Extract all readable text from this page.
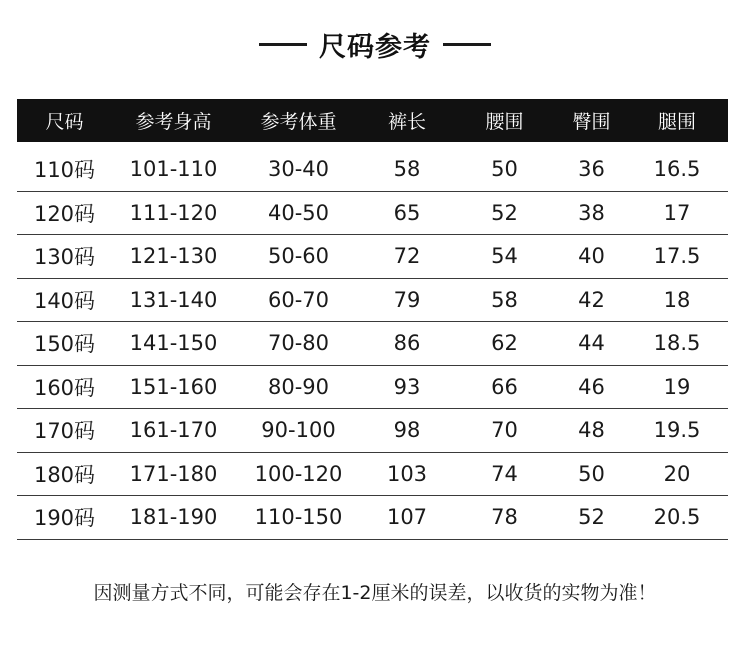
尺码参考
尺码	参考身高	参考体重	裤长	腰围	臀围	腿围
110码	101-110	30-40	58	50	36	16.5
120码	111-120	40-50	65	52	38	17
130码	121-130	50-60	72	54	40	17.5
140码	131-140	60-70	79	58	42	18
150码	141-150	70-80	86	62	44	18.5
160码	151-160	80-90	93	66	46	19
170码	161-170	90-100	98	70	48	19.5
180码	171-180	100-120	103	74	50	20
190码	181-190	110-150	107	78	52	20.5
因测量方式不同，可能会存在1-2厘米的误差，以收货的实物为准！
